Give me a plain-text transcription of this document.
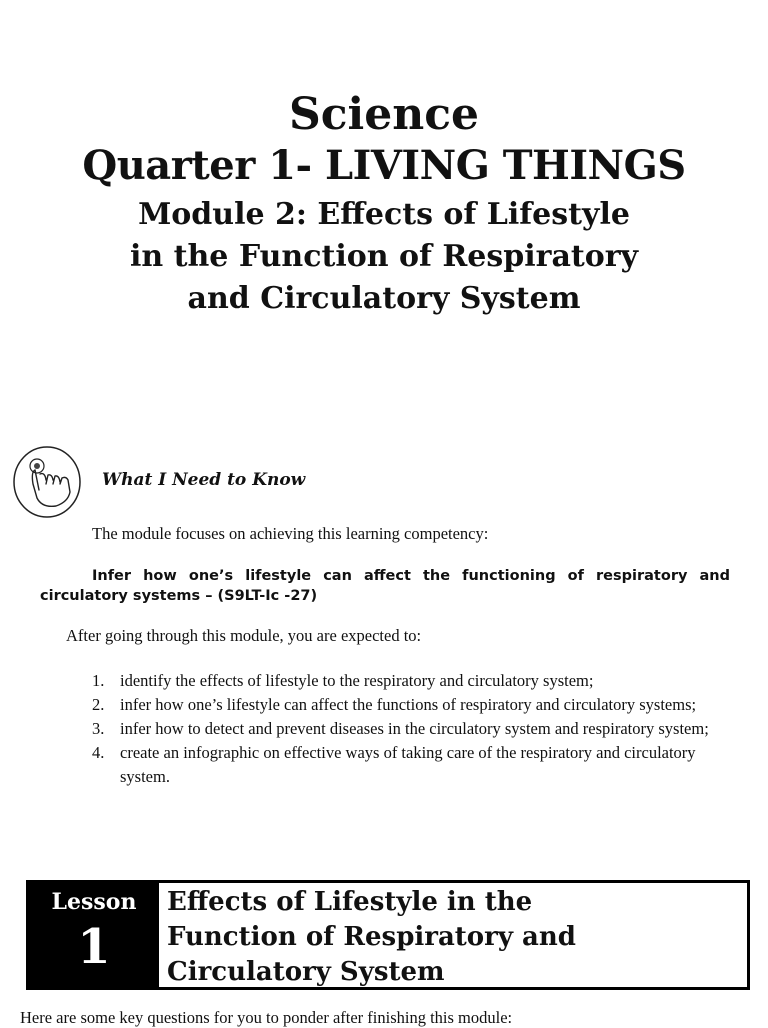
Science
Quarter 1- LIVING THINGS
Module 2: Effects of Lifestyle
in the Function of Respiratory
and Circulatory System
What I Need to Know
The module focuses on achieving this learning competency:
Infer how one’s lifestyle can affect the functioning of respiratory and circulatory systems – (S9LT-Ic -27)
After going through this module, you are expected to:
1. identify the effects of lifestyle to the respiratory and circulatory system;
2. infer how one’s lifestyle can affect the functions of respiratory and circulatory systems;
3. infer how to detect and prevent diseases in the circulatory system and respiratory system;
4. create an infographic on effective ways of taking care of the respiratory and circulatory system.
Lesson
1
Effects of Lifestyle in the
Function of Respiratory and
Circulatory System
Here are some key questions for you to ponder after finishing this module:
